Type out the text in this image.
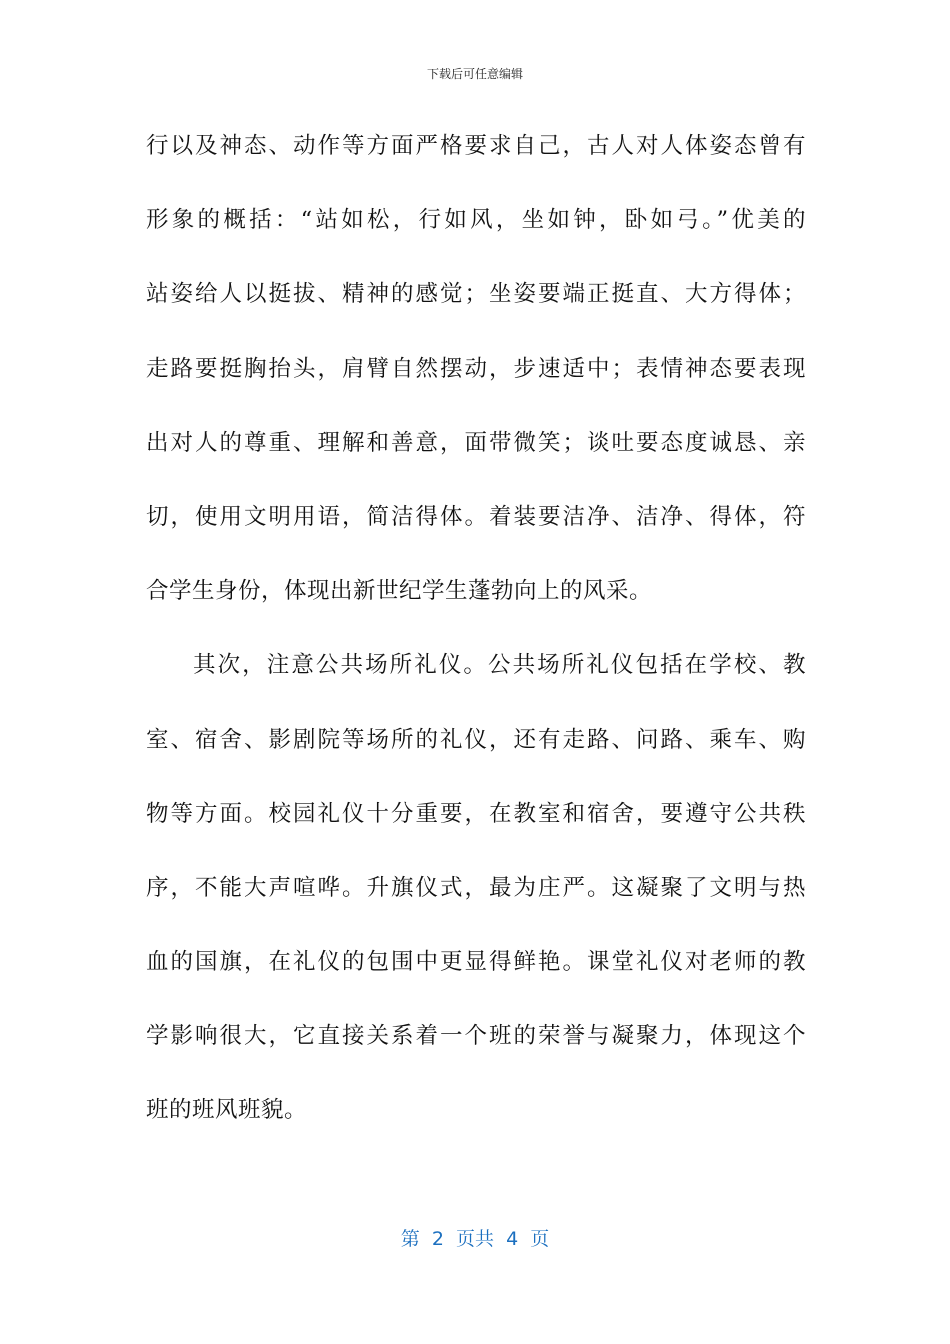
下载后可任意编辑
行以及神态、动作等方面严格要求自己，古人对人体姿态曾有
形象的概括：“站如松，行如风，坐如钟，卧如弓。”优美的
站姿给人以挺拔、精神的感觉；坐姿要端正挺直、大方得体；
走路要挺胸抬头，肩臂自然摆动，步速适中；表情神态要表现
出对人的尊重、理解和善意，面带微笑；谈吐要态度诚恳、亲
切，使用文明用语，简洁得体。着装要洁净、洁净、得体，符
合学生身份，体现出新世纪学生蓬勃向上的风采。
其次，注意公共场所礼仪。公共场所礼仪包括在学校、教
室、宿舍、影剧院等场所的礼仪，还有走路、问路、乘车、购
物等方面。校园礼仪十分重要，在教室和宿舍，要遵守公共秩
序，不能大声喧哗。升旗仪式，最为庄严。这凝聚了文明与热
血的国旗，在礼仪的包围中更显得鲜艳。课堂礼仪对老师的教
学影响很大，它直接关系着一个班的荣誉与凝聚力，体现这个
班的班风班貌。
第  2  页共  4  页
